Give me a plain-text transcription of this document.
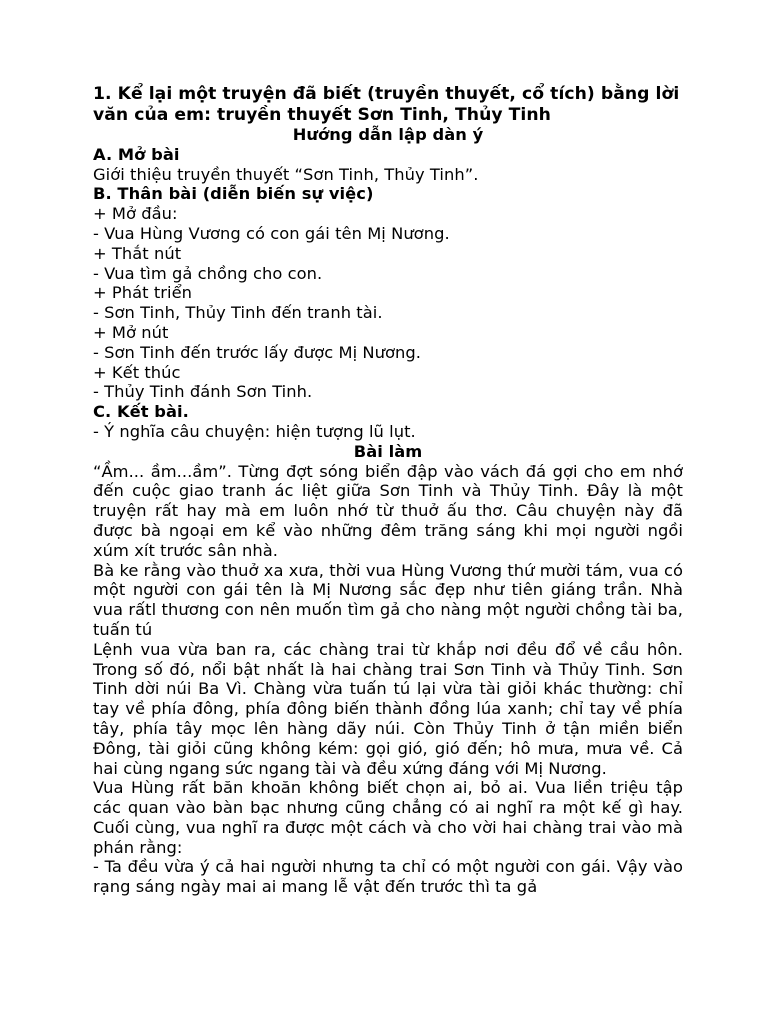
1. Kể lại một truyện đã biết (truyền thuyết, cổ tích) bằng lời văn của em: truyền thuyết Sơn Tinh, Thủy Tinh

Hướng dẫn lập dàn ý

A. Mở bài

Giới thiệu truyền thuyết “Sơn Tinh, Thủy Tinh”.

B. Thân bài (diễn biến sự việc)

+ Mở đầu:

- Vua Hùng Vương có con gái tên Mị Nương.

+ Thắt nút

- Vua tìm gả chồng cho con.

+ Phát triển

- Sơn Tinh, Thủy Tinh đến tranh tài.

+ Mở nút

- Sơn Tinh đến trước lấy được Mị Nương.

+ Kết thúc

- Thủy Tinh đánh Sơn Tinh.

C. Kết bài.

- Ý nghĩa câu chuyện: hiện tượng lũ lụt.

Bài làm

“Ầm... ầm...ầm”. Từng đợt sóng biển đập vào vách đá gợi cho em nhớ đến cuộc giao tranh ác liệt giữa Sơn Tinh và Thủy Tinh. Đây là một truyện rất hay mà em luôn nhớ từ thuở ấu thơ. Câu chuyện này đã được bà ngoại em kể vào những đêm trăng sáng khi mọi người ngồi xúm xít trước sân nhà.

Bà ke rằng vào thuở xa xưa, thời vua Hùng Vương thứ mười tám, vua có một người con gái tên là Mị Nương sắc đẹp như tiên giáng trần. Nhà vua rấtl thương con nên muốn tìm gả cho nàng một người chồng tài ba, tuấn tú

Lệnh vua vừa ban ra, các chàng trai từ khắp nơi đều đổ về cầu hôn. Trong số đó, nổi bật nhất là hai chàng trai Sơn Tinh và Thủy Tinh. Sơn Tinh dời núi Ba Vì. Chàng vừa tuấn tú lại vừa tài giỏi khác thường: chỉ tay về phía đông, phía đông biến thành đồng lúa xanh; chỉ tay về phía tây, phía tây mọc lên hàng dãy núi. Còn Thủy Tinh ở tận miền biển Đông, tài giỏi cũng không kém: gọi gió, gió đến; hô mưa, mưa về. Cả hai cùng ngang sức ngang tài và đều xứng đáng với Mị Nương.

Vua Hùng rất băn khoăn không biết chọn ai, bỏ ai. Vua liền triệu tập các quan vào bàn bạc nhưng cũng chẳng có ai nghĩ ra một kế gì hay. Cuối cùng, vua nghĩ ra được một cách và cho vời hai chàng trai vào mà phán rằng:

- Ta đều vừa ý cả hai người nhưng ta chỉ có một người con gái. Vậy vào rạng sáng ngày mai ai mang lễ vật đến trước thì ta gả
